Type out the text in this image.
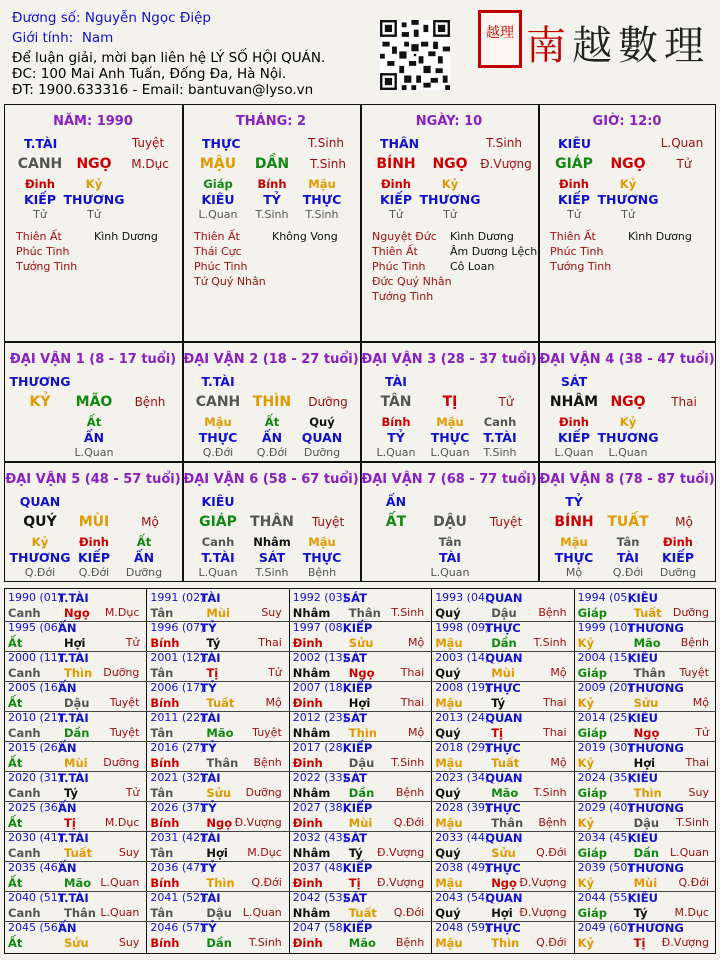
Đương số: Nguyễn Ngọc Điệp
Giới tính: Nam
Để luận giải, mời bạn liên hệ LÝ SỐ HỘI QUÁN.
ĐC: 100 Mai Anh Tuấn, Đống Đa, Hà Nội.
ĐT: 1900.633316 - Email: bantuvan@lyso.vn
越理 南越數理
NĂM: 1990
T.TÀI	Tuyệt
CANH NGỌ M.Dục
Đinh
KIẾP
Tử
Kỷ
THƯƠNG
Tử
Thiên Ất
Phúc Tinh
Tướng Tinh
Kình Dương
THÁNG: 2
THỰC	T.Sinh
MẬU DẦN T.Sinh
Giáp
KIÊU
L.Quan
Bính
TỶ
T.Sinh
Mậu
THỰC
T.Sinh
Thiên Ất
Thái Cực
Phúc Tinh
Tứ Quý Nhân
Không Vong
NGÀY: 10
THÂN	T.Sinh
BÍNH NGỌ Đ.Vượng
Đinh
KIẾP
Tử
Kỷ
THƯƠNG
Tử
Nguyệt Đức
Thiên Ất
Phúc Tinh
Đức Quý Nhân
Tướng Tinh
Kình Dương
Âm Dương Lệch
Cô Loan
GIỜ: 12:0
KIÊU	L.Quan
GIÁP NGỌ	Tử
Đinh
KIẾP
Tử
Kỷ
THƯƠNG
Tử
Thiên Ất
Phúc Tinh
Tướng Tinh
Kình Dương
ĐẠI VẬN 1 (8 - 17 tuổi)
THƯƠNG
KỶ MÃO Bệnh
Ất
ẤN
L.Quan
ĐẠI VẬN 2 (18 - 27 tuổi)
T.TÀI
CANH THÌN Dưỡng
Mậu
THỰC
Q.Đới
Ất
ẤN
Q.Đới
Quý
QUAN
Dưỡng
ĐẠI VẬN 3 (28 - 37 tuổi)
TÀI
TÂN TỊ	Tử
Bính
TỶ
L.Quan
Mậu
THỰC
L.Quan
Canh
T.TÀI
T.Sinh
ĐẠI VẬN 4 (38 - 47 tuổi)
SÁT
NHÂM NGỌ Thai
Đinh
KIẾP
L.Quan
Kỷ
THƯƠNG
L.Quan
ĐẠI VẬN 5 (48 - 57 tuổi)
QUAN
QUÝ MÙI	Mộ
Kỷ
THƯƠNG
Q.Đới
Đinh
KIẾP
Q.Đới
Ất
ẤN
Dưỡng
ĐẠI VẬN 6 (58 - 67 tuổi)
KIÊU
GIÁP THÂN Tuyệt
Canh
T.TÀI
L.Quan
Nhâm
SÁT
T.Sinh
Mậu
THỰC
Bệnh
ĐẠI VẬN 7 (68 - 77 tuổi)
ẤN
ẤT DẬU Tuyệt
Tân
TÀI
L.Quan
ĐẠI VẬN 8 (78 - 87 tuổi)
TỶ
BÍNH TUẤT Mộ
Mậu
THỰC
Mộ
Tân
TÀI
Q.Đới
Đinh
KIẾP
Dưỡng
1990 (01)
T.TÀI
Canh Ngọ M.Dục
1991 (02)
TÀI
Tân	Mùi	Suy
1992 (03)
SÁT
Nhâm Thân T.Sinh
1993 (04)
QUAN
Quý	Dậu Bệnh
1994 (05)
KIÊU
Giáp Tuất Dưỡng
1995 (06)
ẤN
Ất	Hợi	Tử
1996 (07)
TỶ
Bính Tý	Thai
1997 (08)
KIẾP
Đinh Sửu	Mộ
1998 (09)
THỰC
Mậu Dần T.Sinh
1999 (10)
THƯƠNG
Kỷ	Mão Bệnh
2000 (11)
T.TÀI
Canh Thìn Dưỡng
2001 (12)
TÀI
Tân	Tị	Tử
2002 (13)
SÁT
Nhâm Ngọ Thai
2003 (14)
QUAN
Quý	Mùi	Mộ
2004 (15)
KIÊU
Giáp Thân Tuyệt
2005 (16)
ẤN
Ất	Dậu Tuyệt
2006 (17)
TỶ
Bính Tuất	Mộ
2007 (18)
KIẾP
Đinh Hợi	Thai
2008 (19)
THỰC
Mậu Tý	Thai
2009 (20)
THƯƠNG
Kỷ	Sửu	Mộ
2010 (21)
T.TÀI
Canh Dần Tuyệt
2011 (22)
TÀI
Tân	Mão Tuyệt
2012 (23)
SÁT
Nhâm Thìn	Mộ
2013 (24)
QUAN
Quý	Tị	Thai
2014 (25)
KIÊU
Giáp Ngọ	Tử
2015 (26)
ẤN
Ất	Mùi Dưỡng
2016 (27)
TỶ
Bính Thân Bệnh
2017 (28)
KIẾP
Đinh Dậu T.Sinh
2018 (29)
THỰC
Mậu Tuất	Mộ
2019 (30)
THƯƠNG
Kỷ	Hợi	Thai
2020 (31)
T.TÀI
Canh Tý	Tử
2021 (32)
TÀI
Tân	Sửu Dưỡng
2022 (33)
SÁT
Nhâm Dần Bệnh
2023 (34)
QUAN
Quý	Mão T.Sinh
2024 (35)
KIÊU
Giáp Thìn Suy
2025 (36)
ẤN
Ất	Tị	M.Dục
2026 (37)
TỶ
Bính Ngọ Đ.Vượng
2027 (38)
KIẾP
Đinh Mùi Q.Đới
2028 (39)
THỰC
Mậu Thân Bệnh
2029 (40)
THƯƠNG
Kỷ	Dậu T.Sinh
2030 (41)
T.TÀI
Canh Tuất Suy
2031 (42)
TÀI
Tân	Hợi M.Dục
2032 (43)
SÁT
Nhâm Tý Đ.Vượng
2033 (44)
QUAN
Quý	Sửu Q.Đới
2034 (45)
KIÊU
Giáp Dần L.Quan
2035 (46)
ẤN
Ất	Mão L.Quan
2036 (47)
TỶ
Bính Thìn Q.Đới
2037 (48)
KIẾP
Đinh Tị Đ.Vượng
2038 (49)
THỰC
Mậu Ngọ Đ.Vượng
2039 (50)
THƯƠNG
Kỷ	Mùi Q.Đới
2040 (51)
T.TÀI
Canh Thân L.Quan
2041 (52)
TÀI
Tân	Dậu L.Quan
2042 (53)
SÁT
Nhâm Tuất Q.Đới
2043 (54)
QUAN
Quý	Hợi Đ.Vượng
2044 (55)
KIÊU
Giáp Tý M.Dục
2045 (56)
ẤN
Ất	Sửu	Suy
2046 (57)
TỶ
Bính Dần T.Sinh
2047 (58)
KIẾP
Đinh Mão Bệnh
2048 (59)
THỰC
Mậu Thìn Q.Đới
2049 (60)
THƯƠNG
Kỷ	Tị Đ.Vượng
